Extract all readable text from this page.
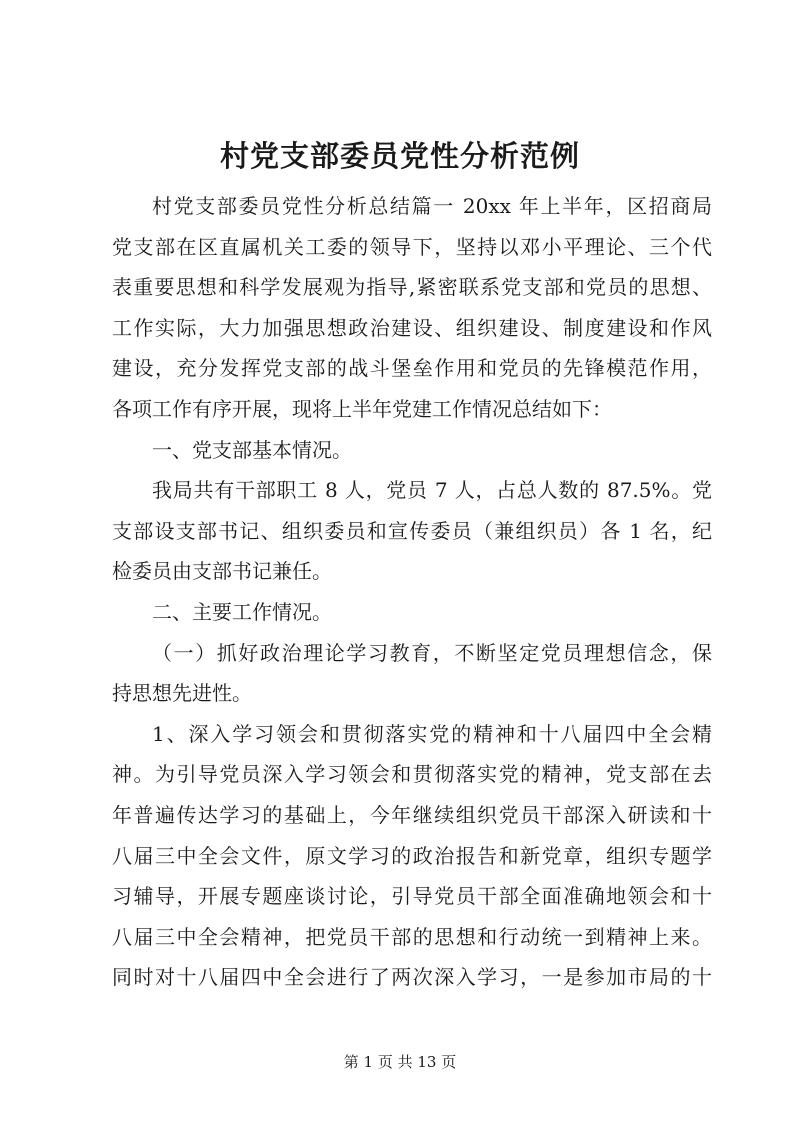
村党支部委员党性分析范例
村党支部委员党性分析总结篇一 20xx 年上半年，区招商局
党支部在区直属机关工委的领导下，坚持以邓小平理论、三个代
表重要思想和科学发展观为指导,紧密联系党支部和党员的思想、
工作实际，大力加强思想政治建设、组织建设、制度建设和作风
建设，充分发挥党支部的战斗堡垒作用和党员的先锋模范作用，
各项工作有序开展，现将上半年党建工作情况总结如下：
一、党支部基本情况。
我局共有干部职工 8 人，党员 7 人，占总人数的 87.5%。党
支部设支部书记、组织委员和宣传委员（兼组织员）各 1 名，纪
检委员由支部书记兼任。
二、主要工作情况。
（一）抓好政治理论学习教育，不断坚定党员理想信念，保
持思想先进性。
1、深入学习领会和贯彻落实党的精神和十八届四中全会精
神。为引导党员深入学习领会和贯彻落实党的精神，党支部在去
年普遍传达学习的基础上，今年继续组织党员干部深入研读和十
八届三中全会文件，原文学习的政治报告和新党章，组织专题学
习辅导，开展专题座谈讨论，引导党员干部全面准确地领会和十
八届三中全会精神，把党员干部的思想和行动统一到精神上来。
同时对十八届四中全会进行了两次深入学习，一是参加市局的十
第 1 页 共 13 页
